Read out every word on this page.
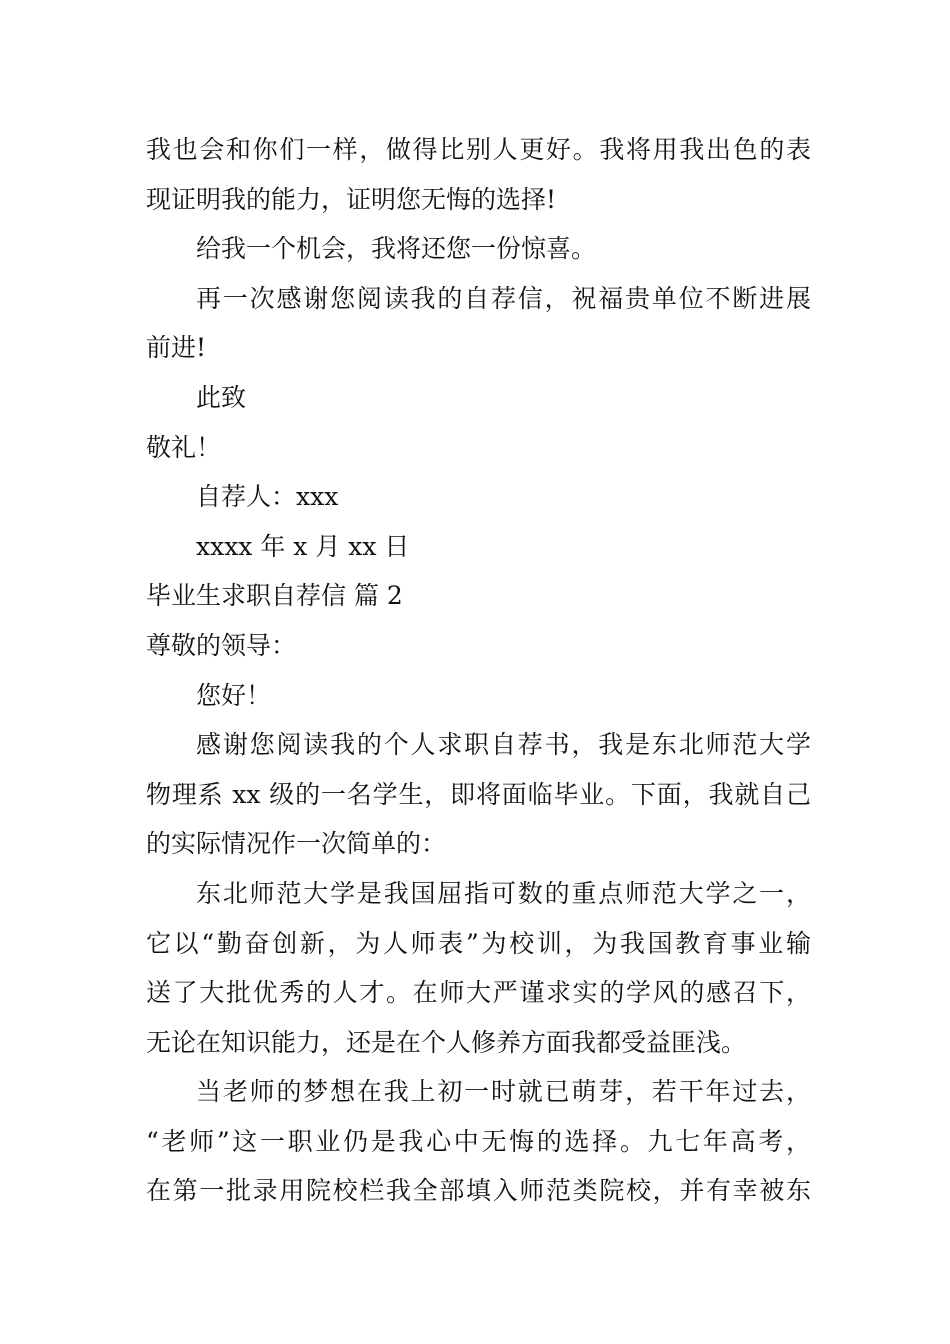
我也会和你们一样，做得比别人更好。我将用我出色的表
现证明我的能力，证明您无悔的选择!
给我一个机会，我将还您一份惊喜。
再一次感谢您阅读我的自荐信，祝福贵单位不断进展
前进!
此致
敬礼！
自荐人：xxx
xxxx 年 x 月 xx 日
毕业生求职自荐信 篇 2
尊敬的领导：
您好！
感谢您阅读我的个人求职自荐书，我是东北师范大学
物理系 xx 级的一名学生，即将面临毕业。下面，我就自己
的实际情况作一次简单的：
东北师范大学是我国屈指可数的重点师范大学之一，
它以“勤奋创新，为人师表”为校训，为我国教育事业输
送了大批优秀的人才。在师大严谨求实的学风的感召下，
无论在知识能力，还是在个人修养方面我都受益匪浅。
当老师的梦想在我上初一时就已萌芽，若干年过去，
“老师”这一职业仍是我心中无悔的选择。九七年高考，
在第一批录用院校栏我全部填入师范类院校，并有幸被东
